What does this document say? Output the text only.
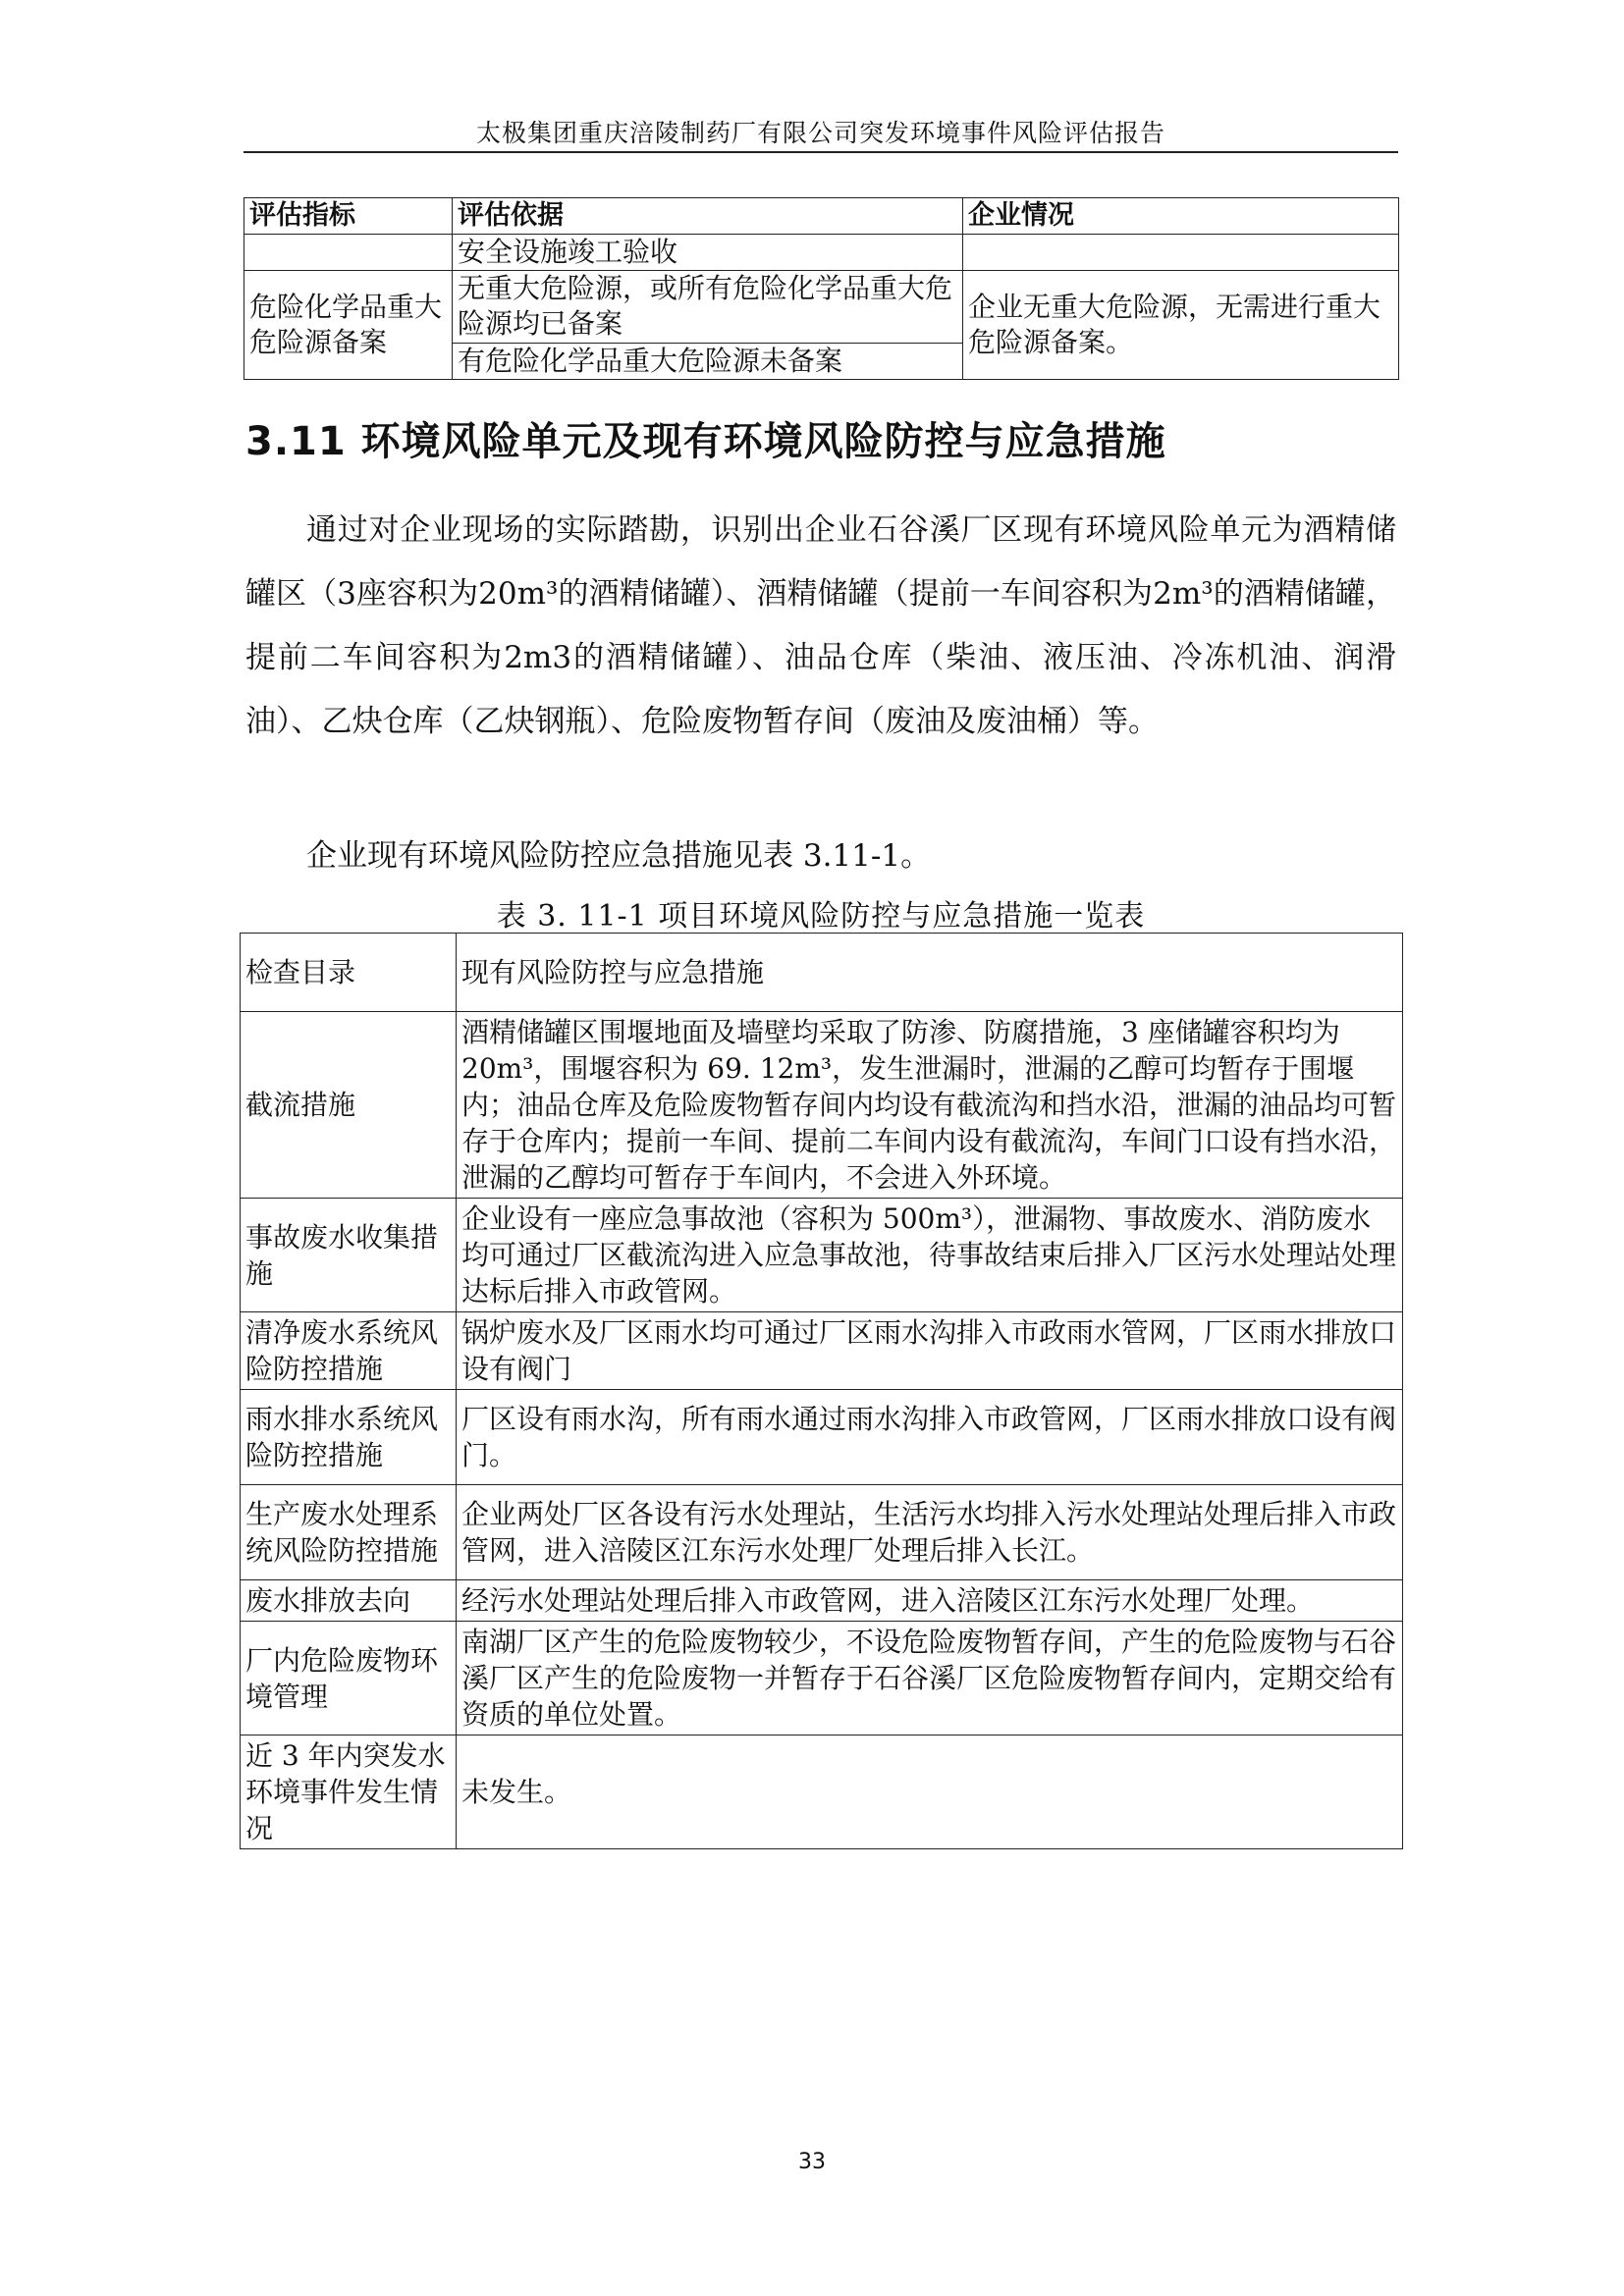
太极集团重庆涪陵制药厂有限公司突发环境事件风险评估报告
评估指标	评估依据	企业情况
	安全设施竣工验收	
危险化学品重大危险源备案	无重大危险源，或所有危险化学品重大危险源均已备案	企业无重大危险源，无需进行重大危险源备案。
	有危险化学品重大危险源未备案	
3.11 环境风险单元及现有环境风险防控与应急措施
通过对企业现场的实际踏勘，识别出企业石谷溪厂区现有环境风险单元为酒精储罐区（3座容积为20m³的酒精储罐）、酒精储罐（提前一车间容积为2m³的酒精储罐，提前二车间容积为2m3的酒精储罐）、油品仓库（柴油、液压油、冷冻机油、润滑油）、乙炔仓库（乙炔钢瓶）、危险废物暂存间（废油及废油桶）等。
企业现有环境风险防控应急措施见表 3.11-1。
表 3. 11-1 项目环境风险防控与应急措施一览表
检查目录	现有风险防控与应急措施
截流措施	酒精储罐区围堰地面及墙壁均采取了防渗、防腐措施，3 座储罐容积均为 20m³，围堰容积为 69. 12m³，发生泄漏时，泄漏的乙醇可均暂存于围堰内；油品仓库及危险废物暂存间内均设有截流沟和挡水沿，泄漏的油品均可暂存于仓库内；提前一车间、提前二车间内设有截流沟，车间门口设有挡水沿，泄漏的乙醇均可暂存于车间内，不会进入外环境。
事故废水收集措施	企业设有一座应急事故池（容积为 500m³），泄漏物、事故废水、消防废水均可通过厂区截流沟进入应急事故池，待事故结束后排入厂区污水处理站处理达标后排入市政管网。
清净废水系统风险防控措施	锅炉废水及厂区雨水均可通过厂区雨水沟排入市政雨水管网，厂区雨水排放口设有阀门
雨水排水系统风险防控措施	厂区设有雨水沟，所有雨水通过雨水沟排入市政管网，厂区雨水排放口设有阀门。
生产废水处理系统风险防控措施	企业两处厂区各设有污水处理站，生活污水均排入污水处理站处理后排入市政管网，进入涪陵区江东污水处理厂处理后排入长江。
废水排放去向	经污水处理站处理后排入市政管网，进入涪陵区江东污水处理厂处理。
厂内危险废物环境管理	南湖厂区产生的危险废物较少，不设危险废物暂存间，产生的危险废物与石谷溪厂区产生的危险废物一并暂存于石谷溪厂区危险废物暂存间内，定期交给有资质的单位处置。
近 3 年内突发水环境事件发生情况	未发生。
33
